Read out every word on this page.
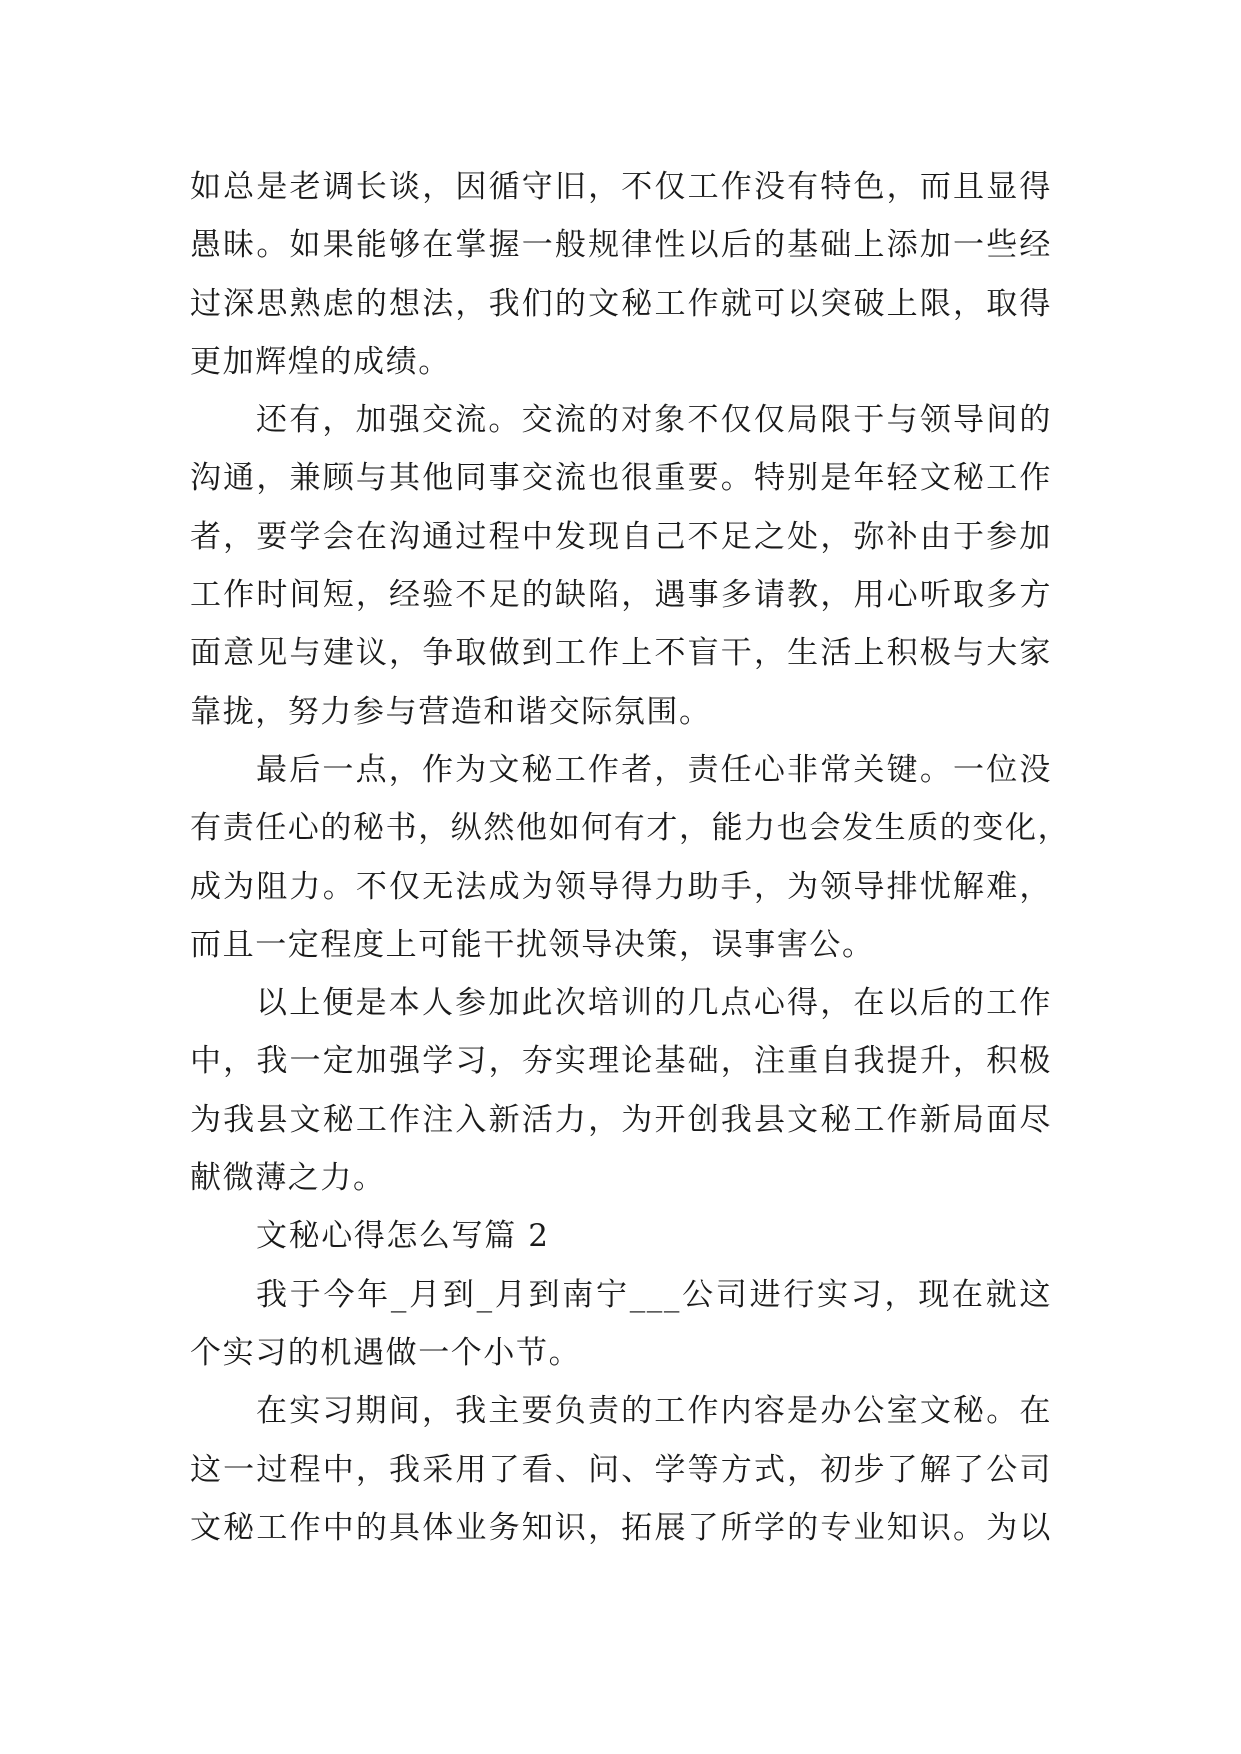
如总是老调长谈，因循守旧，不仅工作没有特色，而且显得
愚昧。如果能够在掌握一般规律性以后的基础上添加一些经
过深思熟虑的想法，我们的文秘工作就可以突破上限，取得
更加辉煌的成绩。
还有，加强交流。交流的对象不仅仅局限于与领导间的
沟通，兼顾与其他同事交流也很重要。特别是年轻文秘工作
者，要学会在沟通过程中发现自己不足之处，弥补由于参加
工作时间短，经验不足的缺陷，遇事多请教，用心听取多方
面意见与建议，争取做到工作上不盲干，生活上积极与大家
靠拢，努力参与营造和谐交际氛围。
最后一点，作为文秘工作者，责任心非常关键。一位没
有责任心的秘书，纵然他如何有才，能力也会发生质的变化，
成为阻力。不仅无法成为领导得力助手，为领导排忧解难，
而且一定程度上可能干扰领导决策，误事害公。
以上便是本人参加此次培训的几点心得，在以后的工作
中，我一定加强学习，夯实理论基础，注重自我提升，积极
为我县文秘工作注入新活力，为开创我县文秘工作新局面尽
献微薄之力。
文秘心得怎么写篇 2
我于今年_月到_月到南宁___公司进行实习，现在就这
个实习的机遇做一个小节。
在实习期间，我主要负责的工作内容是办公室文秘。在
这一过程中，我采用了看、问、学等方式，初步了解了公司
文秘工作中的具体业务知识，拓展了所学的专业知识。为以
